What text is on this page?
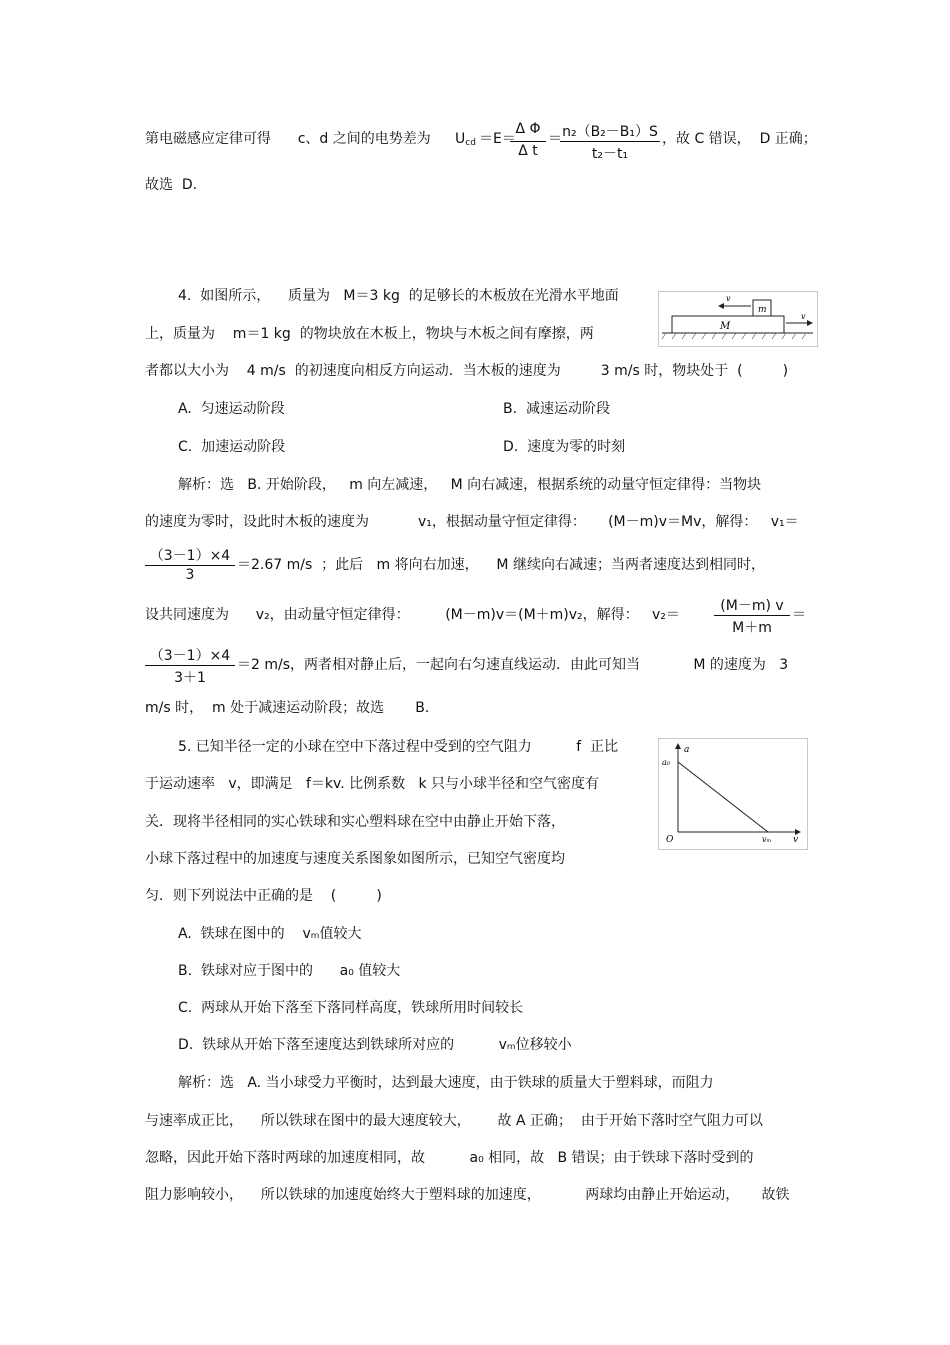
第电磁感应定律可得      c、d 之间的电势差为 $U_{cd} =E=$
Δ Φ
Δ t
＝ n₂（B₂－B₁）S
t₂－t₁
，故 C 错误，  D 正确；
故选  D.
4.  如图所示，    质量为   M＝3 kg  的足够长的木板放在光滑水平地面
上，质量为    m＝1 kg  的物块放在木板上，物块与木板之间有摩擦，两
者都以大小为    4 m/s  的初速度向相反方向运动．当木板的速度为         3 m/s 时，物块处于  (         )
v
m
M
v
A.  匀速运动阶段	B.  减速运动阶段
C.  加速运动阶段	D.  速度为零的时刻
解析：选   B. 开始阶段，   m 向左减速，   M 向右减速，根据系统的动量守恒定律得：当物块
的速度为零时，设此时木板的速度为           v₁，根据动量守恒定律得：     (M－m)v＝Mv，解得：   v₁＝
（3－1）×4
3
＝2.67 m/s  ；此后   m 将向右加速，    M 继续向右减速；当两者速度达到相同时，
设共同速度为      v₂，由动量守恒定律得：        (M－m)v＝(M＋m)v₂，解得：   v₂＝
(M－m) v
M＋m
＝
（3－1）×4
3＋1
＝2 m/s，两者相对静止后，一起向右匀速直线运动．由此可知当            M 的速度为   3
m/s 时，  m 处于减速运动阶段；故选       B.
5. 已知半径一定的小球在空中下落过程中受到的空气阻力          f  正比
于运动速率   v，即满足   f＝kv. 比例系数   k 只与小球半径和空气密度有
关．现将半径相同的实心铁球和实心塑料球在空中由静止开始下落，
小球下落过程中的加速度与速度关系图象如图所示，已知空气密度均
匀．则下列说法中正确的是    (         )
a
a₀
O	vₘ v
A.  铁球在图中的    vₘ值较大
B.  铁球对应于图中的      a₀ 值较大
C.  两球从开始下落至下落同样高度，铁球所用时间较长
D.  铁球从开始下落至速度达到铁球所对应的          vₘ位移较小
解析：选   A. 当小球受力平衡时，达到最大速度，由于铁球的质量大于塑料球，而阻力
与速率成正比，    所以铁球在图中的最大速度较大，      故 A 正确；  由于开始下落时空气阻力可以
忽略，因此开始下落时两球的加速度相同，故          a₀ 相同，故   B 错误；由于铁球下落时受到的
阻力影响较小，    所以铁球的加速度始终大于塑料球的加速度，          两球均由静止开始运动，     故铁
